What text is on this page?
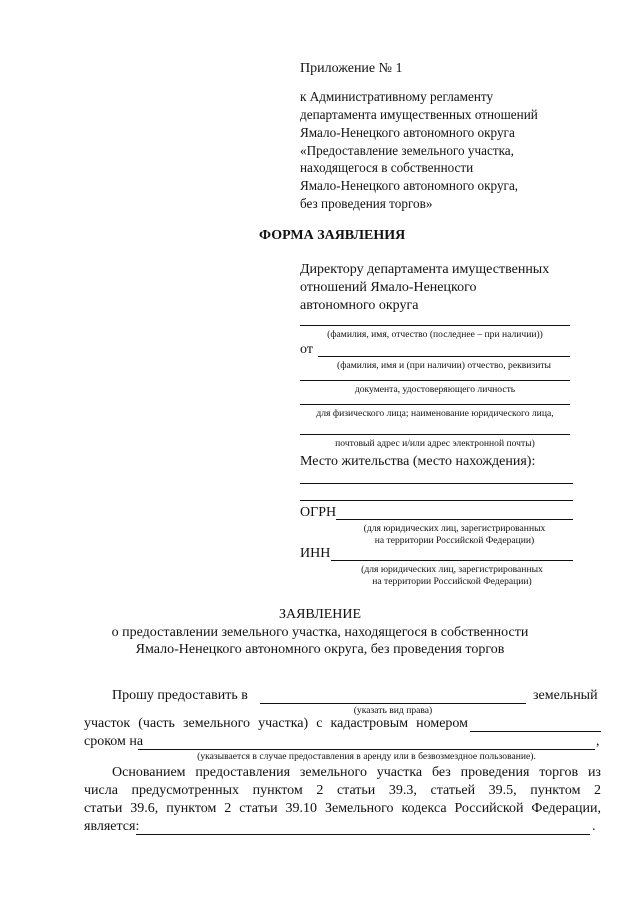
Приложение № 1
к Административному регламенту
департамента имущественных отношений
Ямало-Ненецкого автономного округа
«Предоставление земельного участка,
находящегося в собственности
Ямало-Ненецкого автономного округа,
без проведения торгов»
ФОРМА ЗАЯВЛЕНИЯ
Директору департамента имущественных
отношений Ямало-Ненецкого
автономного округа
(фамилия, имя, отчество (последнее – при наличии))
от
(фамилия, имя и (при наличии) отчество, реквизиты
документа, удостоверяющего личность
для физического лица; наименование юридического лица,
почтовый адрес и/или адрес электронной почты)
Место жительства (место нахождения):
ОГРН
(для юридических лиц, зарегистрированных
на территории Российской Федерации)
ИНН
(для юридических лиц, зарегистрированных
на территории Российской Федерации)
ЗАЯВЛЕНИЕ
о предоставлении земельного участка, находящегося в собственности
Ямало-Ненецкого автономного округа, без проведения торгов
Прошу предоставить в	земельный
(указать вид права)
участок (часть земельного участка) с кадастровым номером
сроком на	,
(указывается в случае предоставления в аренду или в безвозмездное пользование).
Основанием предоставления земельного участка без проведения торгов из
числа предусмотренных пунктом 2 статьи 39.3, статьей 39.5, пунктом 2
статьи 39.6, пунктом 2 статьи 39.10 Земельного кодекса Российской Федерации,
является:	.
